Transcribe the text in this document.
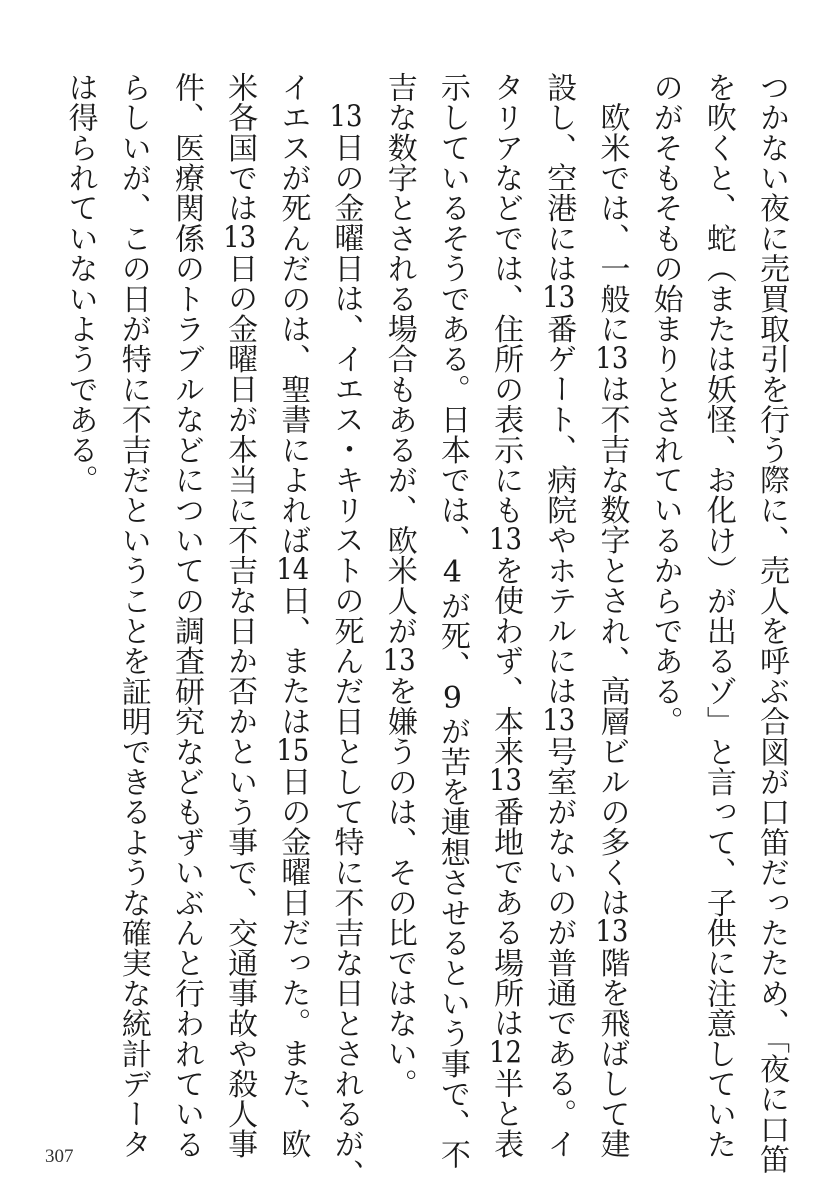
つかない夜に売買取引を行う際に、売人を呼ぶ合図が口笛だったため、「夜に口笛
を吹くと、蛇（または妖怪、お化け）が出るゾ」と言って、子供に注意していた
のがそもそもの始まりとされているからである。
　欧米では、一般に13は不吉な数字とされ、高層ビルの多くは13階を飛ばして建
設し、空港には13番ゲート、病院やホテルには13号室がないのが普通である。イ
タリアなどでは、住所の表示にも13を使わず、本来13番地である場所は12半と表
示しているそうである。日本では、4が死、9が苦を連想させるという事で、不
吉な数字とされる場合もあるが、欧米人が13を嫌うのは、その比ではない。
　13日の金曜日は、イエス・キリストの死んだ日として特に不吉な日とされるが、
イエスが死んだのは、聖書によれば14日、または15日の金曜日だった。また、欧
米各国では13日の金曜日が本当に不吉な日か否かという事で、交通事故や殺人事
件、医療関係のトラブルなどについての調査研究などもずいぶんと行われている
らしいが、この日が特に不吉だということを証明できるような確実な統計データ
は得られていないようである。
307
